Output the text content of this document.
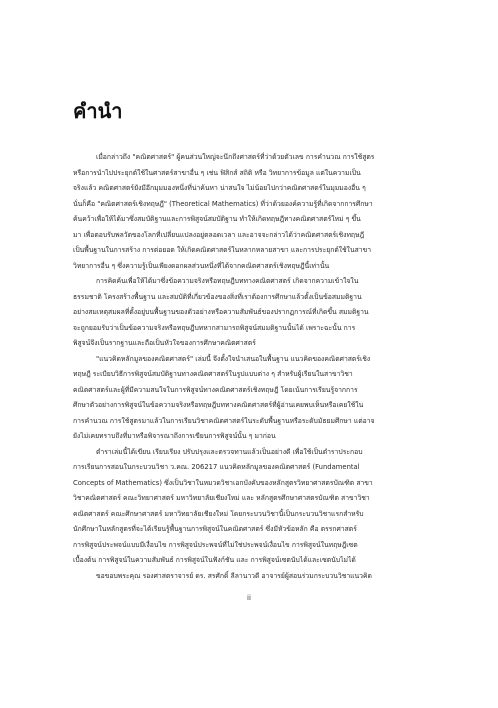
คำนำ
เมื่อกล่าวถึง "คณิตศาสตร์" ผู้คนส่วนใหญ่จะนึกถึงศาสตร์ที่ว่าด้วยตัวเลข การคำนวณ การใช้สูตร
หรือการนำไปประยุกต์ใช้ในศาสตร์สาขาอื่น ๆ เช่น ฟิสิกส์ สถิติ หรือ วิทยาการข้อมูล แต่ในความเป็น
จริงแล้ว คณิตศาสตร์ยังมีอีกมุมมองหนึ่งที่น่าค้นหา น่าสนใจ ไม่น้อยไปกว่าคณิตศาสตร์ในมุมมองอื่น ๆ
นั่นก็คือ "คณิตศาสตร์เชิงทฤษฎี" (Theoretical Mathematics) ที่ว่าด้วยองค์ความรู้ที่เกิดจากการศึกษา
ค้นคว้าเพื่อให้ได้มาซึ่งสมบัติฐานและการพิสูจน์สมบัติฐาน ทำให้เกิดทฤษฎีทางคณิตศาสตร์ใหม่ ๆ ขึ้น
มา เพื่อตอบรับพลวัตของโลกที่เปลี่ยนแปลงอยู่ตลอดเวลา และอาจจะกล่าวได้ว่าคณิตศาสตร์เชิงทฤษฎี
เป็นพื้นฐานในการสร้าง การต่อยอด ให้เกิดคณิตศาสตร์ในหลากหลายสาขา และการประยุกต์ใช้ในสาขา
วิทยาการอื่น ๆ ซึ่งความรู้เป็นเพียงดอกผลส่วนหนึ่งที่ได้จากคณิตศาสตร์เชิงทฤษฎีนี้เท่านั้น
การคิดค้นเพื่อให้ได้มาซึ่งข้อความจริงหรือทฤษฎีบททางคณิตศาสตร์ เกิดจากความเข้าใจใน
ธรรมชาติ โครงสร้างพื้นฐาน และสมบัติที่เกี่ยวข้องของสิ่งที่เราต้องการศึกษาแล้วตั้งเป็นข้อสมมติฐาน
อย่างสมเหตุสมผลที่ตั้งอยู่บนพื้นฐานของตัวอย่างหรือความสัมพันธ์ของปรากฏการณ์ที่เกิดขึ้น สมมติฐาน
จะถูกยอมรับว่าเป็นข้อความจริงหรือทฤษฎีบทหากสามารถพิสูจน์สมมติฐานนั้นได้ เพราะฉะนั้น การ
พิสูจน์จึงเป็นรากฐานและถือเป็นหัวใจของการศึกษาคณิตศาสตร์
"แนวคิดหลักมูลของคณิตศาสตร์" เล่มนี้ จึงตั้งใจนำเสนอในพื้นฐาน แนวคิดของคณิตศาสตร์เชิง
ทฤษฎี ระเบียบวิธีการพิสูจน์สมบัติฐานทางคณิตศาสตร์ในรูปแบบต่าง ๆ สำหรับผู้เรียนในสาขาวิชา
คณิตศาสตร์และผู้ที่มีความสนใจในการพิสูจน์ทางคณิตศาสตร์เชิงทฤษฎี โดยเน้นการเรียนรู้จากการ
ศึกษาตัวอย่างการพิสูจน์ในข้อความจริงหรือทฤษฎีบททางคณิตศาสตร์ที่ผู้อ่านเคยพบเห็นหรือเคยใช้ใน
การคำนวณ การใช้สูตรมาแล้วในการเรียนวิชาคณิตศาสตร์ในระดับพื้นฐานหรือระดับมัธยมศึกษา แต่อาจ
ยังไม่เคยทราบถึงที่มาหรือพิจารณาถึงการเขียนการพิสูจน์นั้น ๆ มาก่อน
ตำราเล่มนี้ได้เขียน เรียบเรียง ปรับปรุงและตรวจทานแล้วเป็นอย่างดี เพื่อใช้เป็นตำราประกอบ
การเรียนการสอนในกระบวนวิชา ว.คณ. 206217 แนวคิดหลักมูลของคณิตศาสตร์ (Fundamental
Concepts of Mathematics) ซึ่งเป็นวิชาในหมวดวิชาเอกบังคับของหลักสูตรวิทยาศาสตรบัณฑิต สาขา
วิชาคณิตศาสตร์ คณะวิทยาศาสตร์ มหาวิทยาลัยเชียงใหม่ และ หลักสูตรศึกษาศาสตรบัณฑิต สาขาวิชา
คณิตศาสตร์ คณะศึกษาศาสตร์ มหาวิทยาลัยเชียงใหม่ โดยกระบวนวิชานี้เป็นกระบวนวิชาแรกสำหรับ
นักศึกษาในหลักสูตรที่จะได้เรียนรู้พื้นฐานการพิสูจน์ในคณิตศาสตร์ ซึ่งมีหัวข้อหลัก คือ ตรรกศาสตร์
การพิสูจน์ประพจน์แบบมีเงื่อนไข การพิสูจน์ประพจน์ที่ไม่ใช่ประพจน์เงื่อนไข การพิสูจน์ในทฤษฎีเซต
เบื้องต้น การพิสูจน์ในความสัมพันธ์ การพิสูจน์ในฟังก์ชัน และ การพิสูจน์เซตนับได้และเซตนับไม่ได้
ขอขอบพระคุณ รองศาสตราจารย์ ดร. สรศักดิ์ ลีลานาวดี อาจารย์ผู้สอนร่วมกระบวนวิชาแนวคิด

ii
